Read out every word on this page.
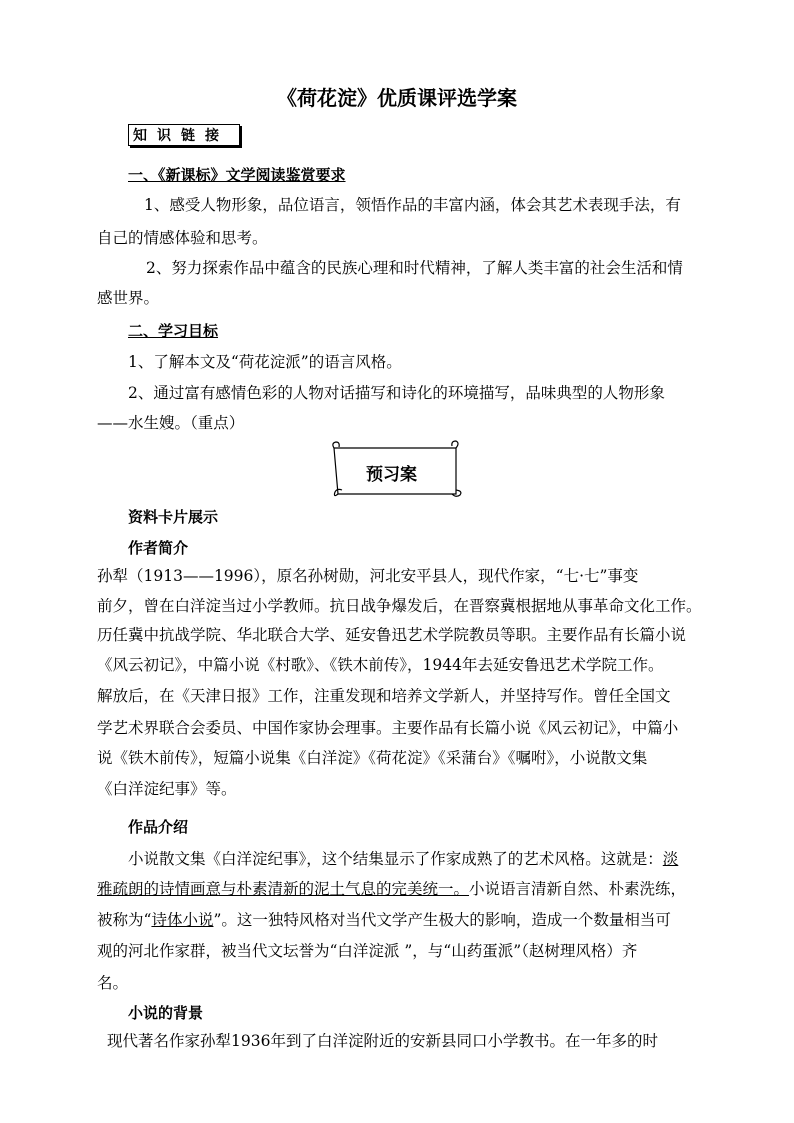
《荷花淀》优质课评选学案
知识链接
一、《新课标》文学阅读鉴赏要求
1、感受人物形象，品位语言，领悟作品的丰富内涵，体会其艺术表现手法，有
自己的情感体验和思考。
2、努力探索作品中蕴含的民族心理和时代精神，了解人类丰富的社会生活和情
感世界。
二、学习目标
1、了解本文及“荷花淀派”的语言风格。
2、通过富有感情色彩的人物对话描写和诗化的环境描写，品味典型的人物形象
——水生嫂。（重点）
预习案
资料卡片展示
作者简介
孙犁（1913——1996），原名孙树勋，河北安平县人，现代作家，“七·七”事变
前夕，曾在白洋淀当过小学教师。抗日战争爆发后，在晋察冀根据地从事革命文化工作。
历任冀中抗战学院、华北联合大学、延安鲁迅艺术学院教员等职。主要作品有长篇小说
《风云初记》，中篇小说《村歌》、《铁木前传》，1944年去延安鲁迅艺术学院工作。
解放后，在《天津日报》工作，注重发现和培养文学新人，并坚持写作。曾任全国文
学艺术界联合会委员、中国作家协会理事。主要作品有长篇小说《风云初记》，中篇小
说《铁木前传》，短篇小说集《白洋淀》《荷花淀》《采蒲台》《嘱咐》，小说散文集
《白洋淀纪事》等。
作品介绍
小说散文集《白洋淀纪事》，这个结集显示了作家成熟了的艺术风格。这就是：淡
雅疏朗的诗情画意与朴素清新的泥土气息的完美统一。小说语言清新自然、朴素洗练，
被称为“诗体小说”。这一独特风格对当代文学产生极大的影响，造成一个数量相当可
观的河北作家群，被当代文坛誉为“白洋淀派 ”，与“山药蛋派”（赵树理风格）齐
名。
小说的背景
现代著名作家孙犁1936年到了白洋淀附近的安新县同口小学教书。在一年多的时
